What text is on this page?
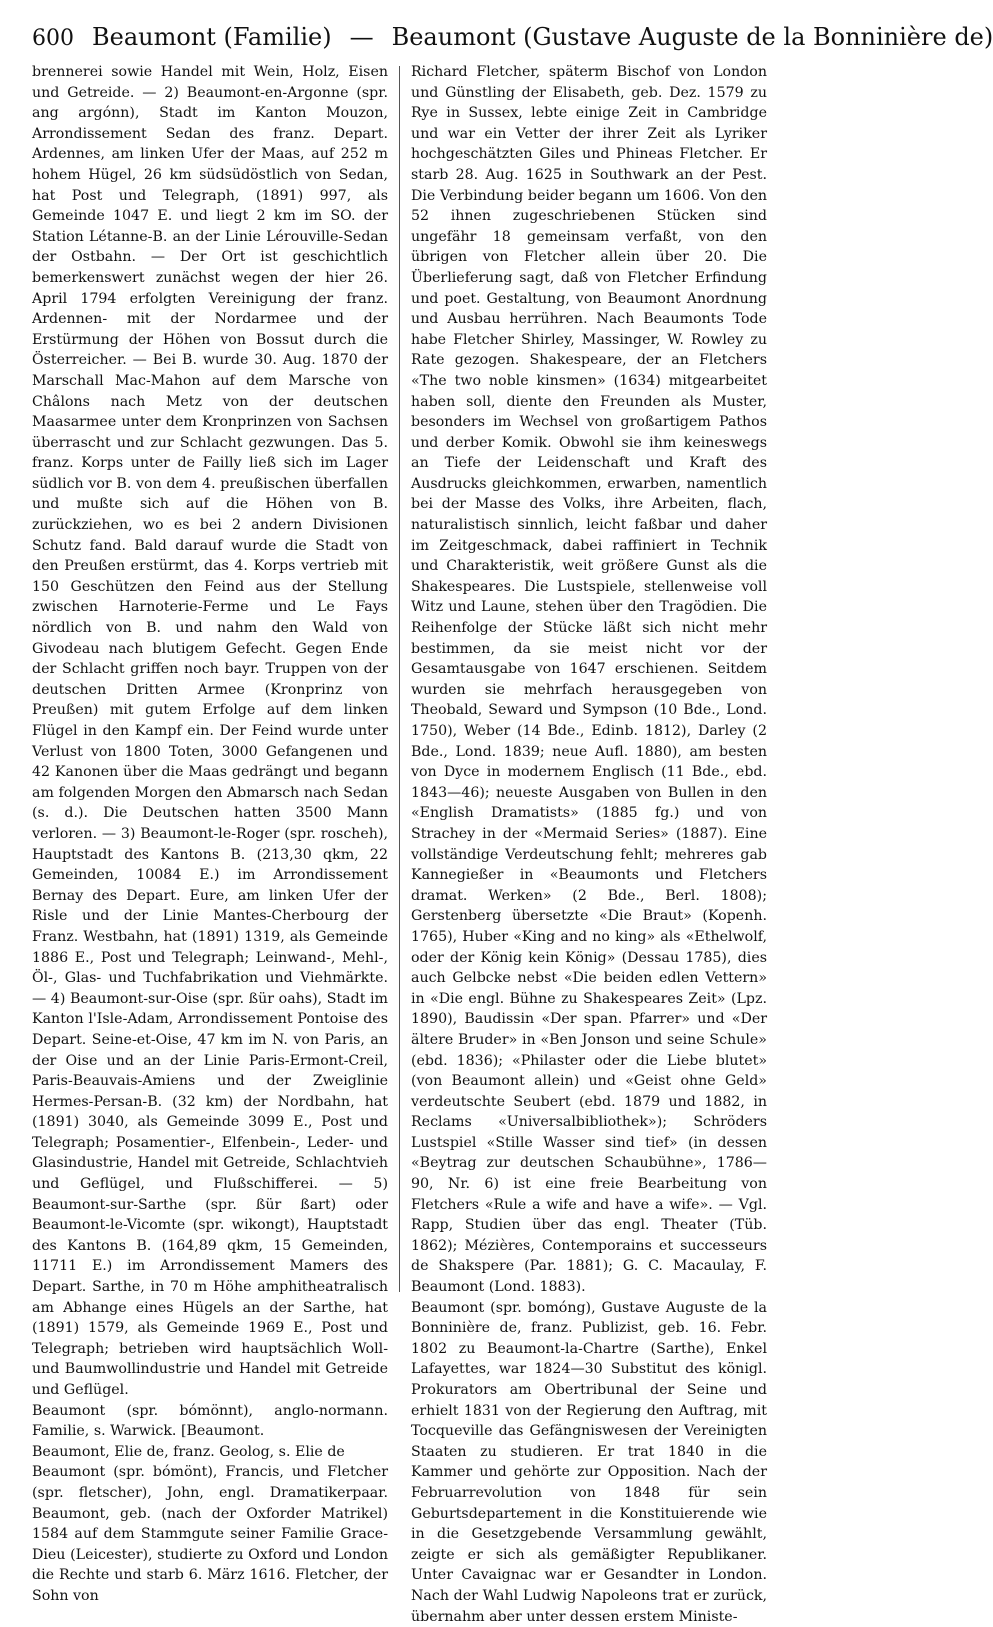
600 Beaumont (Familie) — Beaumont (Gustave Auguste de la Bonninière de)

brennerei sowie Handel mit Wein, Holz, Eisen und Getreide. — 2) Beaumont-en-Argonne (spr. ang argónn), Stadt im Kanton Mouzon, Arrondissement Sedan des franz. Depart. Ardennes, am linken Ufer der Maas, auf 252 m hohem Hügel, 26 km südsüdöstlich von Sedan, hat Post und Telegraph, (1891) 997, als Gemeinde 1047 E. und liegt 2 km im SO. der Station Létanne-B. an der Linie Lérouville-Sedan der Ostbahn. — Der Ort ist geschichtlich bemerkenswert zunächst wegen der hier 26. April 1794 erfolgten Vereinigung der franz. Ardennen- mit der Nordarmee und der Erstürmung der Höhen von Bossut durch die Österreicher. — Bei B. wurde 30. Aug. 1870 der Marschall Mac-Mahon auf dem Marsche von Châlons nach Metz von der deutschen Maasarmee unter dem Kronprinzen von Sachsen überrascht und zur Schlacht gezwungen. Das 5. franz. Korps unter de Failly ließ sich im Lager südlich vor B. von dem 4. preußischen überfallen und mußte sich auf die Höhen von B. zurückziehen, wo es bei 2 andern Divisionen Schutz fand. Bald darauf wurde die Stadt von den Preußen erstürmt, das 4. Korps vertrieb mit 150 Geschützen den Feind aus der Stellung zwischen Harnoterie-Ferme und Le Fays nördlich von B. und nahm den Wald von Givodeau nach blutigem Gefecht. Gegen Ende der Schlacht griffen noch bayr. Truppen von der deutschen Dritten Armee (Kronprinz von Preußen) mit gutem Erfolge auf dem linken Flügel in den Kampf ein. Der Feind wurde unter Verlust von 1800 Toten, 3000 Gefangenen und 42 Kanonen über die Maas gedrängt und begann am folgenden Morgen den Abmarsch nach Sedan (s. d.). Die Deutschen hatten 3500 Mann verloren. — 3) Beaumont-le-Roger (spr. roscheh), Hauptstadt des Kantons B. (213,30 qkm, 22 Gemeinden, 10084 E.) im Arrondissement Bernay des Depart. Eure, am linken Ufer der Risle und der Linie Mantes-Cherbourg der Franz. Westbahn, hat (1891) 1319, als Gemeinde 1886 E., Post und Telegraph; Leinwand-, Mehl-, Öl-, Glas- und Tuchfabrikation und Viehmärkte. — 4) Beaumont-sur-Oise (spr. ßür oahs), Stadt im Kanton l'Isle-Adam, Arrondissement Pontoise des Depart. Seine-et-Oise, 47 km im N. von Paris, an der Oise und an der Linie Paris-Ermont-Creil, Paris-Beauvais-Amiens und der Zweiglinie Hermes-Persan-B. (32 km) der Nordbahn, hat (1891) 3040, als Gemeinde 3099 E., Post und Telegraph; Posamentier-, Elfenbein-, Leder- und Glasindustrie, Handel mit Getreide, Schlachtvieh und Geflügel, und Flußschifferei. — 5) Beaumont-sur-Sarthe (spr. ßür ßart) oder Beaumont-le-Vicomte (spr. wikongt), Hauptstadt des Kantons B. (164,89 qkm, 15 Gemeinden, 11711 E.) im Arrondissement Mamers des Depart. Sarthe, in 70 m Höhe amphitheatralisch am Abhange eines Hügels an der Sarthe, hat (1891) 1579, als Gemeinde 1969 E., Post und Telegraph; betrieben wird hauptsächlich Woll- und Baumwollindustrie und Handel mit Getreide und Geflügel.

Beaumont (spr. bómönnt), anglo-normann. Familie, s. Warwick. [Beaumont.

Beaumont, Elie de, franz. Geolog, s. Elie de

Beaumont (spr. bómönt), Francis, und Fletcher (spr. fletscher), John, engl. Dramatikerpaar. Beaumont, geb. (nach der Oxforder Matrikel) 1584 auf dem Stammgute seiner Familie Grace-Dieu (Leicester), studierte zu Oxford und London die Rechte und starb 6. März 1616. Fletcher, der Sohn von

Richard Fletcher, späterm Bischof von London und Günstling der Elisabeth, geb. Dez. 1579 zu Rye in Sussex, lebte einige Zeit in Cambridge und war ein Vetter der ihrer Zeit als Lyriker hochgeschätzten Giles und Phineas Fletcher. Er starb 28. Aug. 1625 in Southwark an der Pest. Die Verbindung beider begann um 1606. Von den 52 ihnen zugeschriebenen Stücken sind ungefähr 18 gemeinsam verfaßt, von den übrigen von Fletcher allein über 20. Die Überlieferung sagt, daß von Fletcher Erfindung und poet. Gestaltung, von Beaumont Anordnung und Ausbau herrühren. Nach Beaumonts Tode habe Fletcher Shirley, Massinger, W. Rowley zu Rate gezogen. Shakespeare, der an Fletchers «The two noble kinsmen» (1634) mitgearbeitet haben soll, diente den Freunden als Muster, besonders im Wechsel von großartigem Pathos und derber Komik. Obwohl sie ihm keineswegs an Tiefe der Leidenschaft und Kraft des Ausdrucks gleichkommen, erwarben, namentlich bei der Masse des Volks, ihre Arbeiten, flach, naturalistisch sinnlich, leicht faßbar und daher im Zeitgeschmack, dabei raffiniert in Technik und Charakteristik, weit größere Gunst als die Shakespeares. Die Lustspiele, stellenweise voll Witz und Laune, stehen über den Tragödien. Die Reihenfolge der Stücke läßt sich nicht mehr bestimmen, da sie meist nicht vor der Gesamtausgabe von 1647 erschienen. Seitdem wurden sie mehrfach herausgegeben von Theobald, Seward und Sympson (10 Bde., Lond. 1750), Weber (14 Bde., Edinb. 1812), Darley (2 Bde., Lond. 1839; neue Aufl. 1880), am besten von Dyce in modernem Englisch (11 Bde., ebd. 1843—46); neueste Ausgaben von Bullen in den «English Dramatists» (1885 fg.) und von Strachey in der «Mermaid Series» (1887). Eine vollständige Verdeutschung fehlt; mehreres gab Kannegießer in «Beaumonts und Fletchers dramat. Werken» (2 Bde., Berl. 1808); Gerstenberg übersetzte «Die Braut» (Kopenh. 1765), Huber «King and no king» als «Ethelwolf, oder der König kein König» (Dessau 1785), dies auch Gelbcke nebst «Die beiden edlen Vettern» in «Die engl. Bühne zu Shakespeares Zeit» (Lpz. 1890), Baudissin «Der span. Pfarrer» und «Der ältere Bruder» in «Ben Jonson und seine Schule» (ebd. 1836); «Philaster oder die Liebe blutet» (von Beaumont allein) und «Geist ohne Geld» verdeutschte Seubert (ebd. 1879 und 1882, in Reclams «Universalbibliothek»); Schröders Lustspiel «Stille Wasser sind tief» (in dessen «Beytrag zur deutschen Schaubühne», 1786—90, Nr. 6) ist eine freie Bearbeitung von Fletchers «Rule a wife and have a wife». — Vgl. Rapp, Studien über das engl. Theater (Tüb. 1862); Mézières, Contemporains et successeurs de Shakspere (Par. 1881); G. C. Macaulay, F. Beaumont (Lond. 1883).

Beaumont (spr. bomóng), Gustave Auguste de la Bonninière de, franz. Publizist, geb. 16. Febr. 1802 zu Beaumont-la-Chartre (Sarthe), Enkel Lafayettes, war 1824—30 Substitut des königl. Prokurators am Obertribunal der Seine und erhielt 1831 von der Regierung den Auftrag, mit Tocqueville das Gefängniswesen der Vereinigten Staaten zu studieren. Er trat 1840 in die Kammer und gehörte zur Opposition. Nach der Februarrevolution von 1848 für sein Geburtsdepartement in die Konstituierende wie in die Gesetzgebende Versammlung gewählt, zeigte er sich als gemäßigter Republikaner. Unter Cavaignac war er Gesandter in London. Nach der Wahl Ludwig Napoleons trat er zurück, übernahm aber unter dessen erstem Ministe-
